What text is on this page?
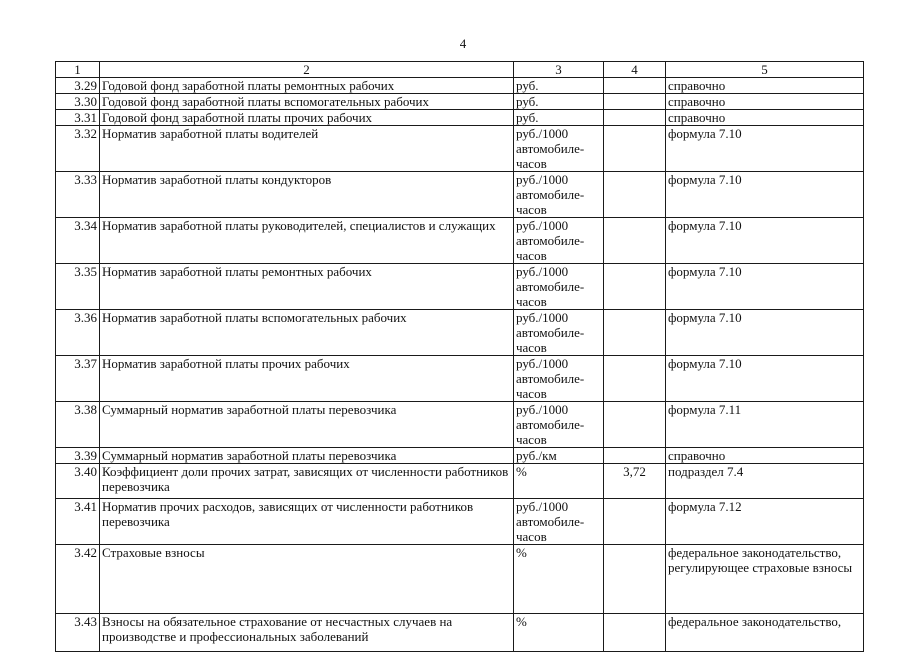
4
1	2	3	4	5
3.29	Годовой фонд заработной платы ремонтных рабочих	руб.		справочно
3.30	Годовой фонд заработной платы вспомогательных рабочих	руб.		справочно
3.31	Годовой фонд заработной платы прочих рабочих	руб.		справочно
3.32	Норматив заработной платы водителей	руб./1000 автомобиле-часов		формула 7.10
3.33	Норматив заработной платы кондукторов	руб./1000 автомобиле-часов		формула 7.10
3.34	Норматив заработной платы руководителей, специалистов и служащих	руб./1000 автомобиле-часов		формула 7.10
3.35	Норматив заработной платы ремонтных рабочих	руб./1000 автомобиле-часов		формула 7.10
3.36	Норматив заработной платы вспомогательных рабочих	руб./1000 автомобиле-часов		формула 7.10
3.37	Норматив заработной платы прочих рабочих	руб./1000 автомобиле-часов		формула 7.10
3.38	Суммарный норматив заработной платы перевозчика	руб./1000 автомобиле-часов		формула 7.11
3.39	Суммарный норматив заработной платы перевозчика	руб./км		справочно
3.40	Коэффициент доли прочих затрат, зависящих от численности работников перевозчика	%	3,72	подраздел 7.4
3.41	Норматив прочих расходов, зависящих от численности работников перевозчика	руб./1000 автомобиле-часов		формула 7.12
3.42	Страховые взносы	%		федеральное законодательство, регулирующее страховые взносы
3.43	Взносы на обязательное страхование от несчастных случаев на производстве и профессиональных заболеваний	%		федеральное законодательство,
